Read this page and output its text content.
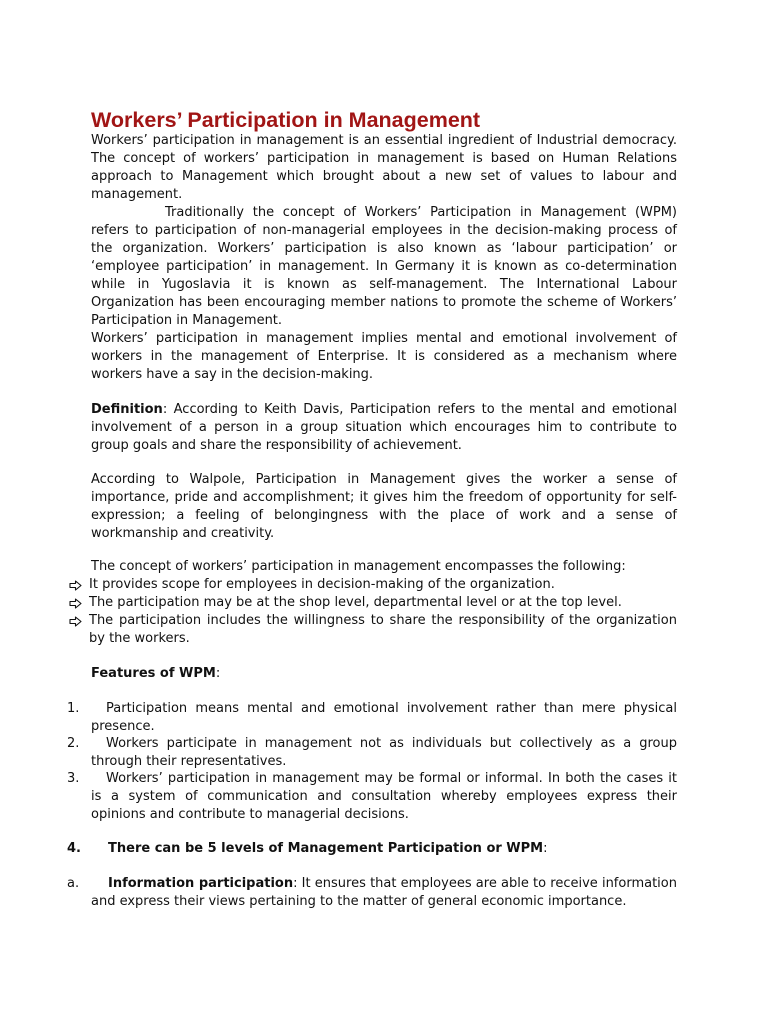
Workers’ Participation in Management

Workers’ participation in management is an essential ingredient of Industrial democracy. The concept of workers’ participation in management is based on Human Relations approach to Management which brought about a new set of values to labour and management.

Traditionally the concept of Workers’ Participation in Management (WPM) refers to participation of non-managerial employees in the decision-making process of the organization. Workers’ participation is also known as ‘labour participation’ or ‘employee participation’ in management. In Germany it is known as co-determination while in Yugoslavia it is known as self-management. The International Labour Organization has been encouraging member nations to promote the scheme of Workers’ Participation in Management.

Workers’ participation in management implies mental and emotional involvement of workers in the management of Enterprise. It is considered as a mechanism where workers have a say in the decision-making.

Definition: According to Keith Davis, Participation refers to the mental and emotional involvement of a person in a group situation which encourages him to contribute to group goals and share the responsibility of achievement.

According to Walpole, Participation in Management gives the worker a sense of importance, pride and accomplishment; it gives him the freedom of opportunity for self-expression; a feeling of belongingness with the place of work and a sense of workmanship and creativity.

The concept of workers’ participation in management encompasses the following:

It provides scope for employees in decision-making of the organization.
The participation may be at the shop level, departmental level or at the top level.
The participation includes the willingness to share the responsibility of the organization by the workers.

Features of WPM:

1.	Participation means mental and emotional involvement rather than mere physical presence.
2.	Workers participate in management not as individuals but collectively as a group through their representatives.
3.	Workers’ participation in management may be formal or informal. In both the cases it is a system of communication and consultation whereby employees express their opinions and contribute to managerial decisions.
4.	There can be 5 levels of Management Participation or WPM:
a.	Information participation: It ensures that employees are able to receive information and express their views pertaining to the matter of general economic importance.
